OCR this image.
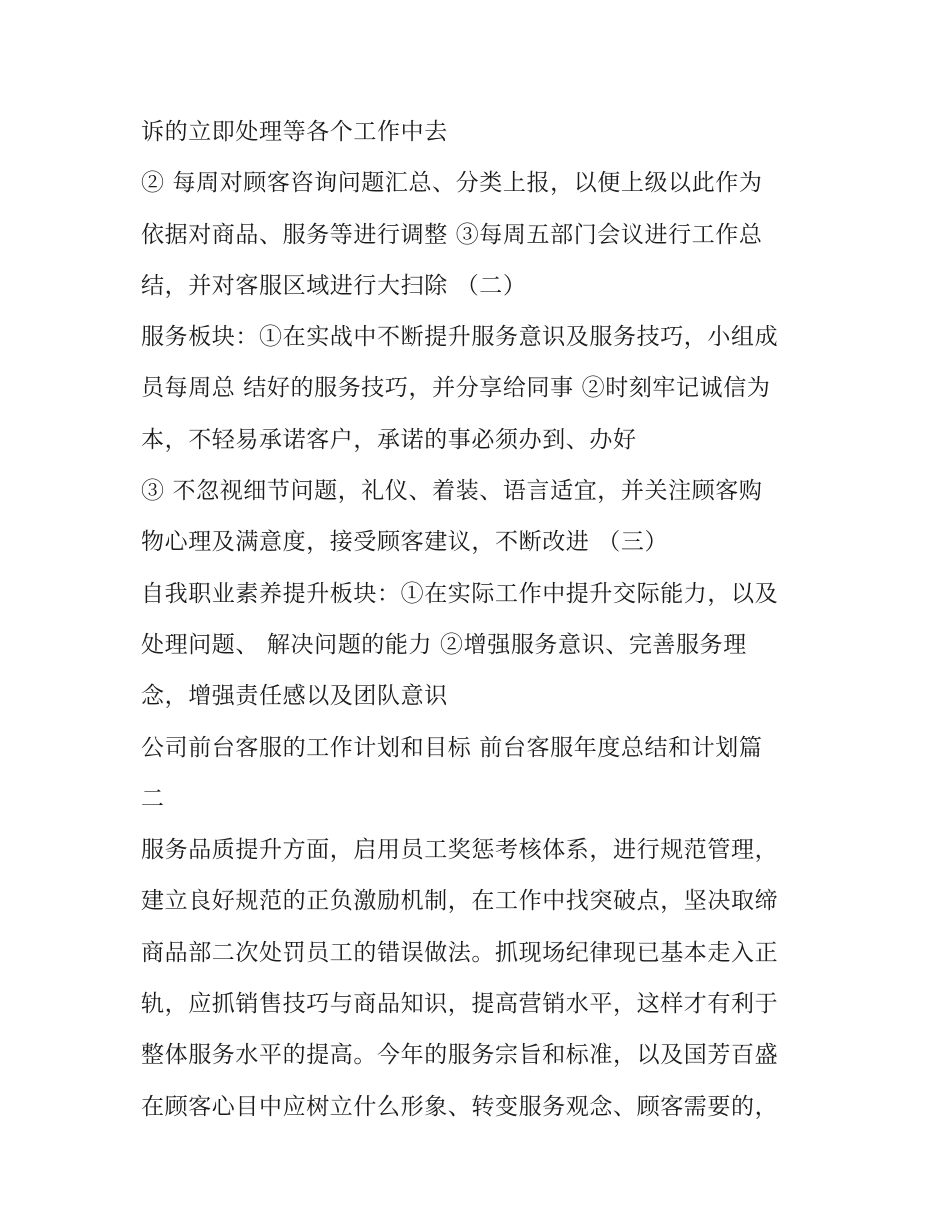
诉的立即处理等各个工作中去
② 每周对顾客咨询问题汇总、分类上报，以便上级以此作为
依据对商品、服务等进行调整 ③每周五部门会议进行工作总
结，并对客服区域进行大扫除 （二）
服务板块：①在实战中不断提升服务意识及服务技巧，小组成
员每周总 结好的服务技巧，并分享给同事 ②时刻牢记诚信为
本，不轻易承诺客户，承诺的事必须办到、办好
③ 不忽视细节问题，礼仪、着装、语言适宜，并关注顾客购
物心理及满意度，接受顾客建议，不断改进 （三）
自我职业素养提升板块：①在实际工作中提升交际能力，以及
处理问题、 解决问题的能力 ②增强服务意识、完善服务理
念，增强责任感以及团队意识
公司前台客服的工作计划和目标 前台客服年度总结和计划篇
二
服务品质提升方面，启用员工奖惩考核体系，进行规范管理，
建立良好规范的正负激励机制，在工作中找突破点，坚决取缔
商品部二次处罚员工的错误做法。抓现场纪律现已基本走入正
轨，应抓销售技巧与商品知识，提高营销水平，这样才有利于
整体服务水平的提高。今年的服务宗旨和标准，以及国芳百盛
在顾客心目中应树立什么形象、转变服务观念、顾客需要的，
